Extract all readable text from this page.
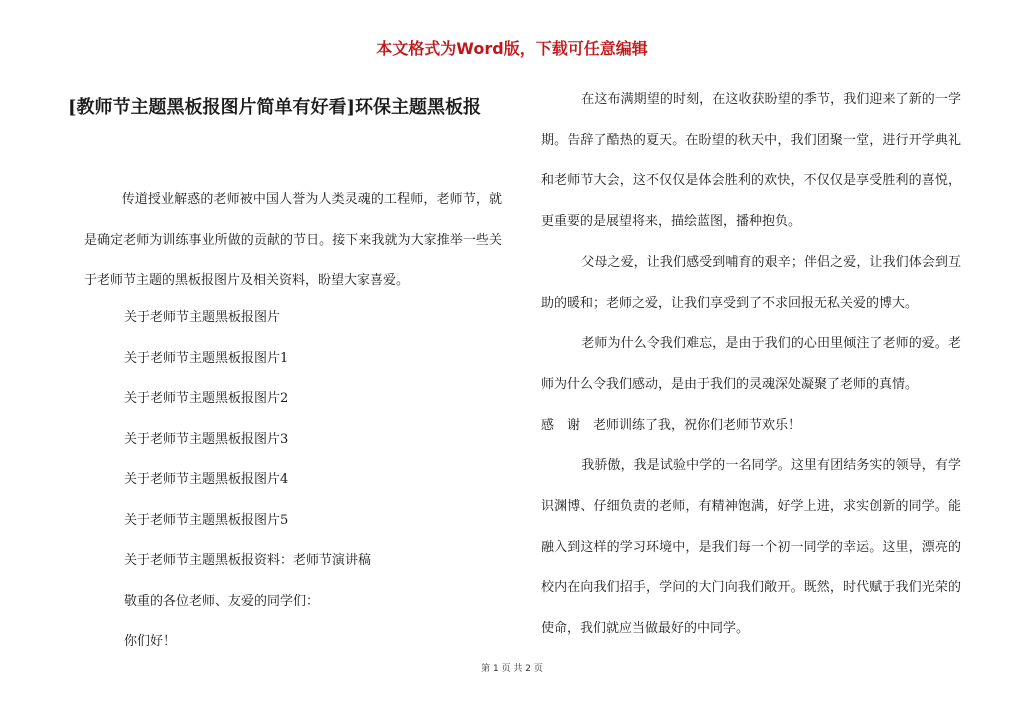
本文格式为Word版，下载可任意编辑
[教师节主题黑板报图片简单有好看]环保主题黑板报

传道授业解惑的老师被中国人誉为人类灵魂的工程师，老师节，就是确定老师为训练事业所做的贡献的节日。接下来我就为大家推举一些关于老师节主题的黑板报图片及相关资料，盼望大家喜爱。

关于老师节主题黑板报图片

关于老师节主题黑板报图片1

关于老师节主题黑板报图片2

关于老师节主题黑板报图片3

关于老师节主题黑板报图片4

关于老师节主题黑板报图片5

关于老师节主题黑板报资料：老师节演讲稿

敬重的各位老师、友爱的同学们：

你们好！

在这布满期望的时刻，在这收获盼望的季节，我们迎来了新的一学期。告辞了酷热的夏天。在盼望的秋天中，我们团聚一堂，进行开学典礼和老师节大会，这不仅仅是体会胜利的欢快，不仅仅是享受胜利的喜悦，更重要的是展望将来，描绘蓝图，播种抱负。

父母之爱，让我们感受到哺育的艰辛；伴侣之爱，让我们体会到互助的暖和；老师之爱，让我们享受到了不求回报无私关爱的博大。

老师为什么令我们难忘，是由于我们的心田里倾注了老师的爱。老师为什么令我们感动，是由于我们的灵魂深处凝聚了老师的真情。

感　谢　老师训练了我，祝你们老师节欢乐！

我骄傲，我是试验中学的一名同学。这里有团结务实的领导，有学识渊博、仔细负责的老师，有精神饱满，好学上进，求实创新的同学。能融入到这样的学习环境中，是我们每一个初一同学的幸运。这里，漂亮的校内在向我们招手，学问的大门向我们敞开。既然，时代赋于我们光荣的使命，我们就应当做最好的中同学。

第 1 页 共 2 页
